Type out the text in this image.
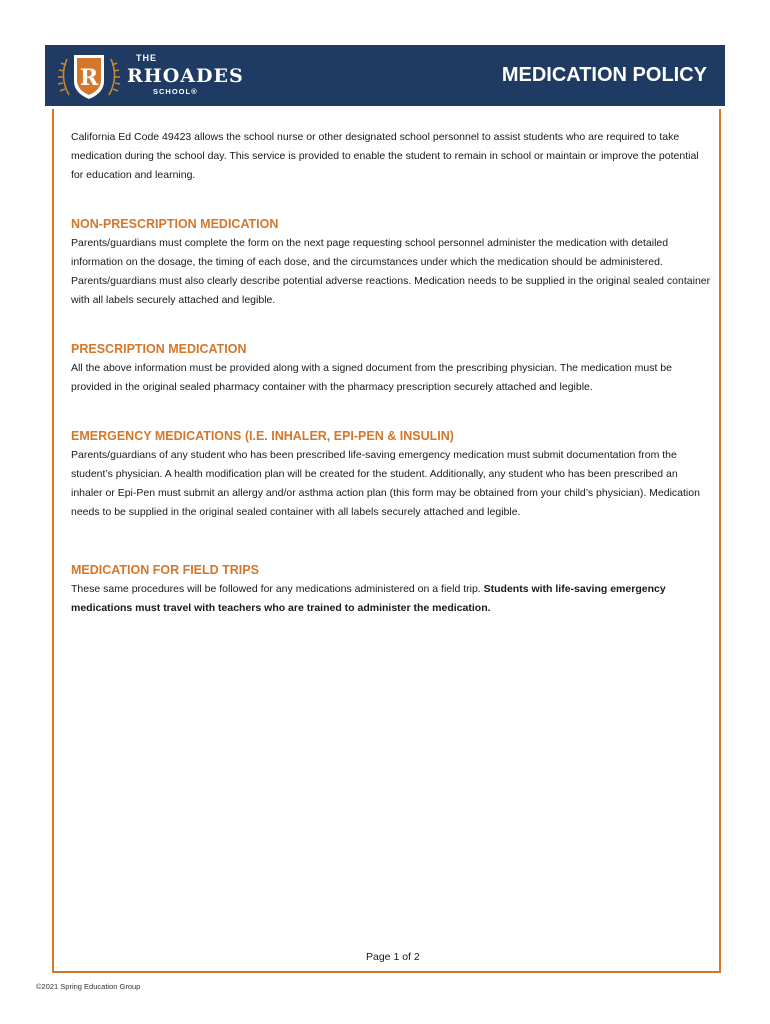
R
THE
RHOADES
SCHOOL®
MEDICATION POLICY

California Ed Code 49423 allows the school nurse or other designated school personnel to assist students who are required to take medication during the school day. This service is provided to enable the student to remain in school or maintain or improve the potential for education and learning.

NON-PRESCRIPTION MEDICATION

Parents/guardians must complete the form on the next page requesting school personnel administer the medication with detailed information on the dosage, the timing of each dose, and the circumstances under which the medication should be administered. Parents/guardians must also clearly describe potential adverse reactions. Medication needs to be supplied in the original sealed container with all labels securely attached and legible.

PRESCRIPTION MEDICATION

All the above information must be provided along with a signed document from the prescribing physician. The medication must be provided in the original sealed pharmacy container with the pharmacy prescription securely attached and legible.

EMERGENCY MEDICATIONS (I.E. INHALER, EPI-PEN & INSULIN)

Parents/guardians of any student who has been prescribed life-saving emergency medication must submit documentation from the student’s physician. A health modification plan will be created for the student. Additionally, any student who has been prescribed an inhaler or Epi-Pen must submit an allergy and/or asthma action plan (this form may be obtained from your child’s physician). Medication needs to be supplied in the original sealed container with all labels securely attached and legible.

MEDICATION FOR FIELD TRIPS

These same procedures will be followed for any medications administered on a field trip. Students with life-saving emergency medications must travel with teachers who are trained to administer the medication.

Page 1 of 2
©2021 Spring Education Group
